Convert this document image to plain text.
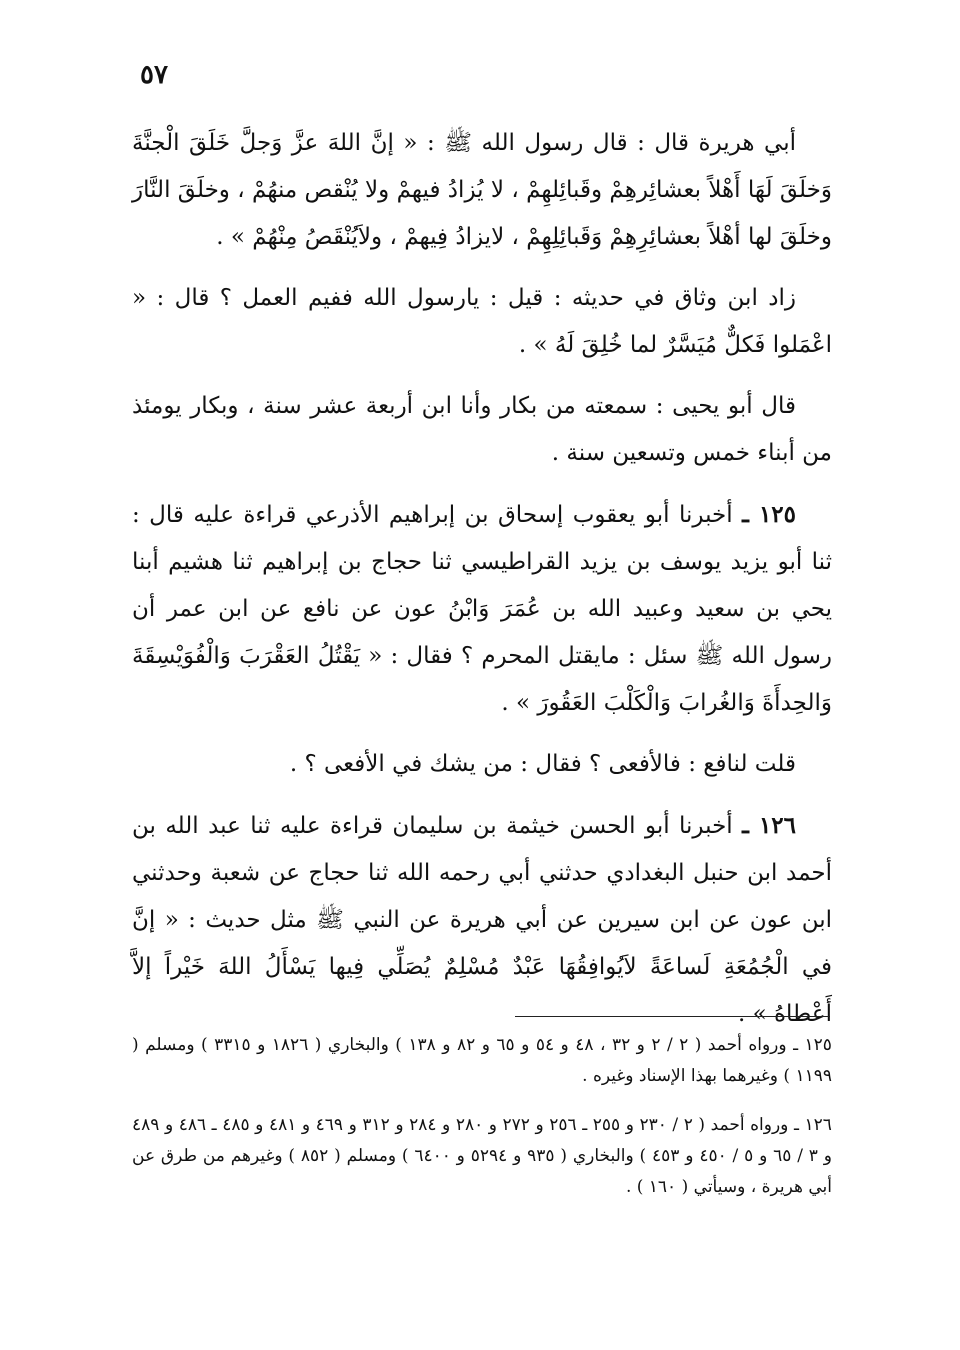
٥٧

أبي هريرة قال : قال رسول الله ﷺ : « إنَّ اللهَ عزَّ وَجلَّ خَلَقَ الْجنَّةَ وَخلَقَ لَهَا أَهْلاً بعشائِرهِمْ وقَبائِلهِمْ ، لا يُزادُ فيهمْ ولا يُنْقص منهُمْ ، وخلَقَ النَّارَ وخلَقَ لها أهْلاً بعشائِرِهِمْ وَقَبائِلِهِمْ ، لايزادُ فِيهمْ ، ولاَيُنْقَصُ مِنْهُمْ » .

زاد ابن وثاق في حديثه : قيل : يارسول الله ففيم العمل ؟ قال : « اعْمَلوا فَكلٌّ مُيَسَّرٌ لما خُلِقَ لَهُ » .

قال أبو يحيى : سمعته من بكار وأنا ابن أربعة عشر سنة ، وبكار يومئذ من أبناء خمس وتسعين سنة .

١٢٥ ـ أخبرنا أبو يعقوب إسحاق بن إبراهيم الأذرعي قراءة عليه قال : ثنا أبو يزيد يوسف بن يزيد القراطيسي ثنا حجاج بن إبراهيم ثنا هشيم أبنا يحي بن سعيد وعبيد الله بن عُمَرَ وَابْنُ عون عن نافع عن ابن عمر أن رسول الله ﷺ سئل : مايقتل المحرم ؟ فقال : « يَقْتُلُ العَقْرَبَ وَالْفُوَيْسِقَةَ وَالحِدأَةَ وَالغُرابَ وَالْكَلْبَ العَقُورَ » .

قلت لنافع : فالأفعى ؟ فقال : من يشك في الأفعى ؟ .

١٢٦ ـ أخبرنا أبو الحسن خيثمة بن سليمان قراءة عليه ثنا عبد الله بن أحمد ابن حنبل البغدادي حدثني أبي رحمه الله ثنا حجاج عن شعبة وحدثني ابن عون عن ابن سيرين عن أبي هريرة عن النبي ﷺ مثل حديث : « إنَّ في الْجُمُعَةِ لَساعَةً لاَيُوافِقُهَا عَبْدٌ مُسْلِمٌ يُصَلِّي فِيها يَسْأَلُ اللهَ خَيْراً إلاَّ أَعْطاهُ » .

١٢٥ ـ ورواه أحمد ( ٢ / ٢ و ٣٢ ، ٤٨ و ٥٤ و ٦٥ و ٨٢ و ١٣٨ ) والبخاري ( ١٨٢٦ و ٣٣١٥ ) ومسلم ( ١١٩٩ ) وغيرهما بهذا الإسناد وغيره .

١٢٦ ـ ورواه أحمد ( ٢ / ٢٣٠ و ٢٥٥ ـ ٢٥٦ و ٢٧٢ و ٢٨٠ و ٢٨٤ و ٣١٢ و ٤٦٩ و ٤٨١ و ٤٨٥ ـ ٤٨٦ و ٤٨٩ و ٣ / ٦٥ و ٥ / ٤٥٠ و ٤٥٣ ) والبخاري ( ٩٣٥ و ٥٢٩٤ و ٦٤٠٠ ) ومسلم ( ٨٥٢ ) وغيرهم من طرق عن أبي هريرة ، وسيأتي ( ١٦٠ ) .
